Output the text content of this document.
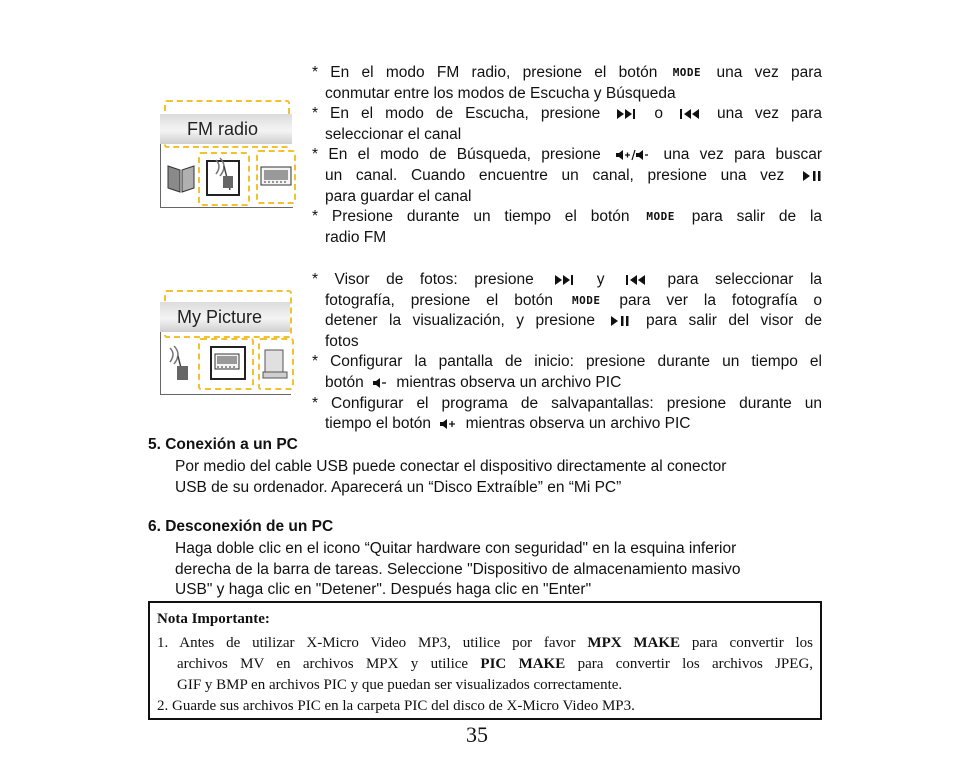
FM radio
My Picture
* En el modo FM radio, presione el botón MODE una vez para
conmutar entre los modos de Escucha y Búsqueda
* En el modo de Escucha, presione	o	una vez para
seleccionar el canal
* En el modo de Búsqueda, presione	una vez para buscar
un canal. Cuando encuentre un canal, presione una vez
para guardar el canal
* Presione durante un tiempo el botón MODE para salir de la
radio FM
* Visor de fotos: presione	y	para seleccionar la
fotografía, presione el botón MODE para ver la fotografía o
detener la visualización, y presione	para salir del visor de
fotos
* Configurar la pantalla de inicio: presione durante un tiempo el
botón mientras observa un archivo PIC
* Configurar el programa de salvapantallas: presione durante un
tiempo el botón mientras observa un archivo PIC
5. Conexión a un PC
Por medio del cable USB puede conectar el dispositivo directamente al conector
USB de su ordenador. Aparecerá un “Disco Extraíble” en “Mi PC”
6. Desconexión de un PC
Haga doble clic en el icono “Quitar hardware con seguridad" en la esquina inferior
derecha de la barra de tareas. Seleccione "Dispositivo de almacenamiento masivo
USB" y haga clic en "Detener". Después haga clic en "Enter"
Nota Importante:
1. Antes de utilizar X-Micro Video MP3, utilice por favor MPX MAKE para convertir los
archivos MV en archivos MPX y utilice PIC MAKE para convertir los archivos JPEG,
GIF y BMP en archivos PIC y que puedan ser visualizados correctamente.
2. Guarde sus archivos PIC en la carpeta PIC del disco de X-Micro Video MP3.
35
